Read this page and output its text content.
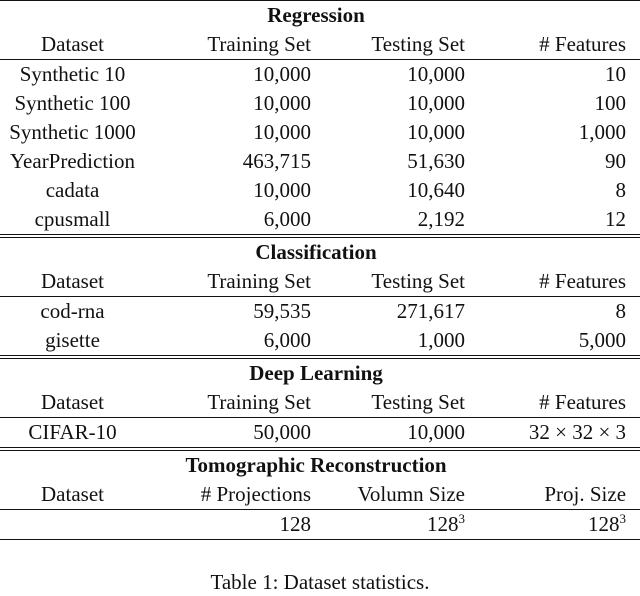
Regression			
Dataset	Training Set	Testing Set	# Features
Synthetic 10	10,000	10,000	10
Synthetic 100	10,000	10,000	100
Synthetic 1000	10,000	10,000	1,000
YearPrediction	463,715	51,630	90
cadata	10,000	10,640	8
cpusmall	6,000	2,192	12
Classification			
Dataset	Training Set	Testing Set	# Features
cod-rna	59,535	271,617	8
gisette	6,000	1,000	5,000
Deep Learning			
Dataset	Training Set	Testing Set	# Features
CIFAR-10	50,000	10,000	32 × 32 × 3
Tomographic Reconstruction			
Dataset	# Projections	Volumn Size	Proj. Size
	128	$128^3$	$128^3$
Table 1: Dataset statistics.
